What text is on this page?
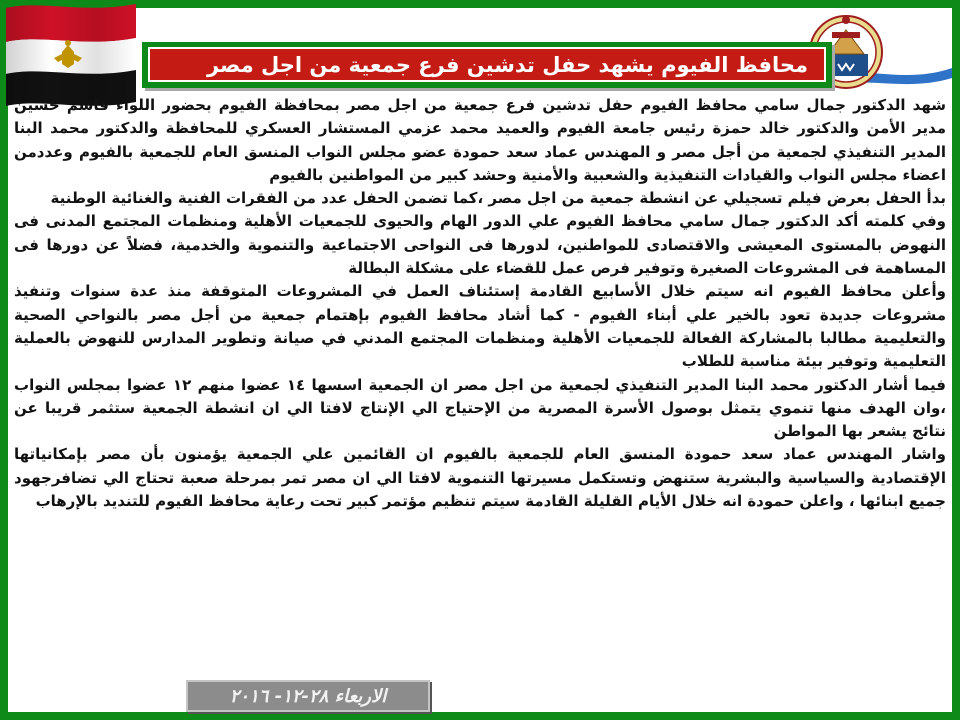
محافظ الفيوم يشهد حفل تدشين فرع جمعية من اجل مصر

شهد الدكتور جمال سامي محافظ الفيوم حفل تدشين فرع جمعية من اجل مصر بمحافظة الفيوم بحضور اللواء قاسم حسين مدير الأمن والدكتور خالد حمزة رئيس جامعة الفيوم والعميد محمد عزمي المستشار العسكري للمحافظة والدكتور محمد البنا المدير التنفيذي لجمعية من أجل مصر و المهندس عماد سعد حمودة عضو مجلس النواب المنسق العام للجمعية بالفيوم وعددمن اعضاء مجلس النواب والقيادات التنفيذية والشعبية والأمنية وحشد كبير من المواطنين بالفيوم

بدأ الحفل بعرض فيلم تسجيلي عن انشطة جمعية من اجل مصر ،كما تضمن الحفل عدد من الفقرات الفنية والغنائية الوطنية

وفي كلمته أكد الدكتور جمال سامي محافظ الفيوم علي الدور الهام والحيوى للجمعيات الأهلية ومنظمات المجتمع المدنى فى النهوض بالمستوى المعيشى والاقتصادى للمواطنين، لدورها فى النواحى الاجتماعية والتنموية والخدمية، فضلاً عن دورها فى المساهمة فى المشروعات الصغيرة وتوفير فرص عمل للقضاء على مشكلة البطالة

وأعلن محافظ الفيوم انه سيتم خلال الأسابيع القادمة إستئناف العمل في المشروعات المتوقفة منذ عدة سنوات وتنفيذ مشروعات جديدة تعود بالخير علي أبناء الفيوم - كما أشاد محافظ الفيوم بإهتمام جمعية من أجل مصر بالنواحي الصحية والتعليمية مطالبا بالمشاركة الفعالة للجمعيات الأهلية ومنظمات المجتمع المدني في صيانة وتطوير المدارس للنهوض بالعملية التعليمية وتوفير بيئة مناسبة للطلاب

فيما أشار الدكتور محمد البنا المدير التنفيذي لجمعية من اجل مصر ان الجمعية اسسها ١٤ عضوا منهم ١٢ عضوا بمجلس النواب ،وان الهدف منها تنموي يتمثل بوصول الأسرة المصرية من الإحتياج الي الإنتاج لافتا الي ان انشطة الجمعية ستثمر قريبا عن نتائج يشعر بها المواطن

واشار المهندس عماد سعد حمودة المنسق العام للجمعية بالفيوم ان القائمين علي الجمعية يؤمنون بأن مصر بإمكانياتها الإقتصادية والسياسية والبشرية ستنهض وتستكمل مسيرتها التنموية لافتا الي ان مصر تمر بمرحلة صعبة تحتاج الي تضافرجهود جميع ابنائها ، واعلن حمودة انه خلال الأيام القليلة القادمة سيتم تنظيم مؤتمر كبير تحت رعاية محافظ الفيوم للتنديد بالإرهاب

الاربعاء ٢٨-١٢- ٢٠١٦
